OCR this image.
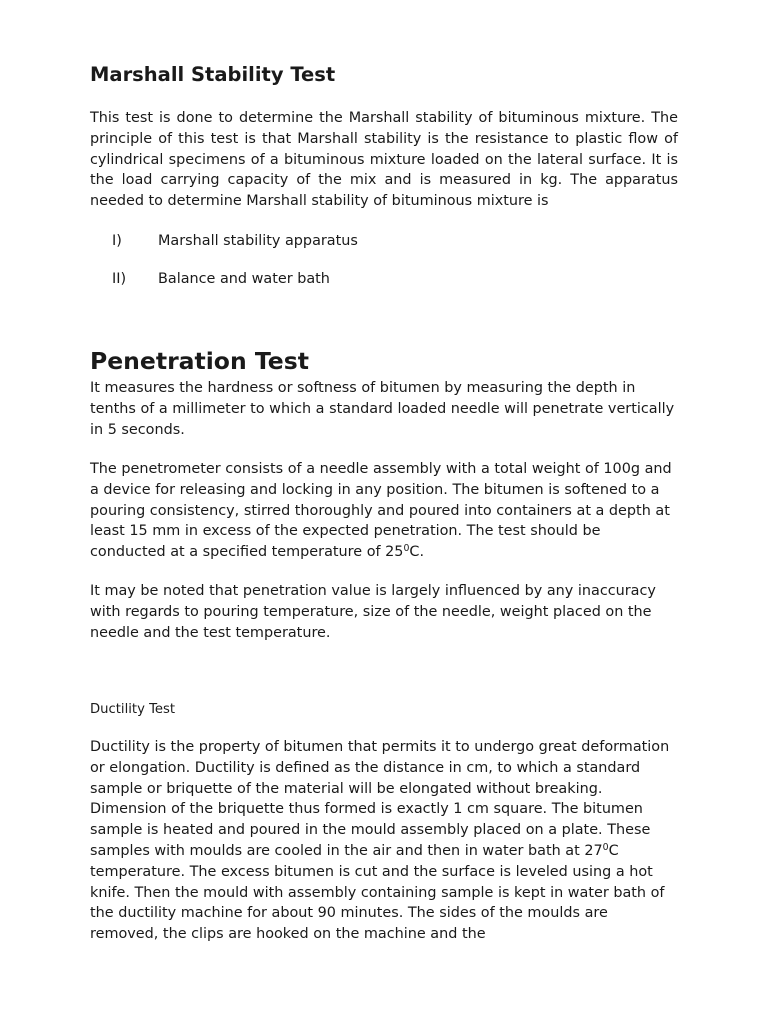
Marshall Stability Test

This test is done to determine the Marshall stability of bituminous mixture. The principle of this test is that Marshall stability is the resistance to plastic flow of cylindrical specimens of a bituminous mixture loaded on the lateral surface. It is the load carrying capacity of the mix and is measured in kg. The apparatus needed to determine Marshall stability of bituminous mixture is

I)	Marshall stability apparatus
II) Balance and water bath
Penetration Test

It measures the hardness or softness of bitumen by measuring the depth in tenths of a millimeter to which a standard loaded needle will penetrate vertically in 5 seconds.

The penetrometer consists of a needle assembly with a total weight of 100g and a device for releasing and locking in any position. The bitumen is softened to a pouring consistency, stirred thoroughly and poured into containers at a depth at least 15 mm in excess of the expected penetration. The test should be conducted at a specified temperature of $25^0C$.

It may be noted that penetration value is largely influenced by any inaccuracy with regards to pouring temperature, size of the needle, weight placed on the needle and the test temperature.

Ductility Test

Ductility is the property of bitumen that permits it to undergo great deformation or elongation. Ductility is defined as the distance in cm, to which a standard sample or briquette of the material will be elongated without breaking. Dimension of the briquette thus formed is exactly 1 cm square. The bitumen sample is heated and poured in the mould assembly placed on a plate. These samples with moulds are cooled in the air and then in water bath at $27^0C$ temperature. The excess bitumen is cut and the surface is leveled using a hot knife. Then the mould with assembly containing sample is kept in water bath of the ductility machine for about 90 minutes. The sides of the moulds are removed, the clips are hooked on the machine and the
